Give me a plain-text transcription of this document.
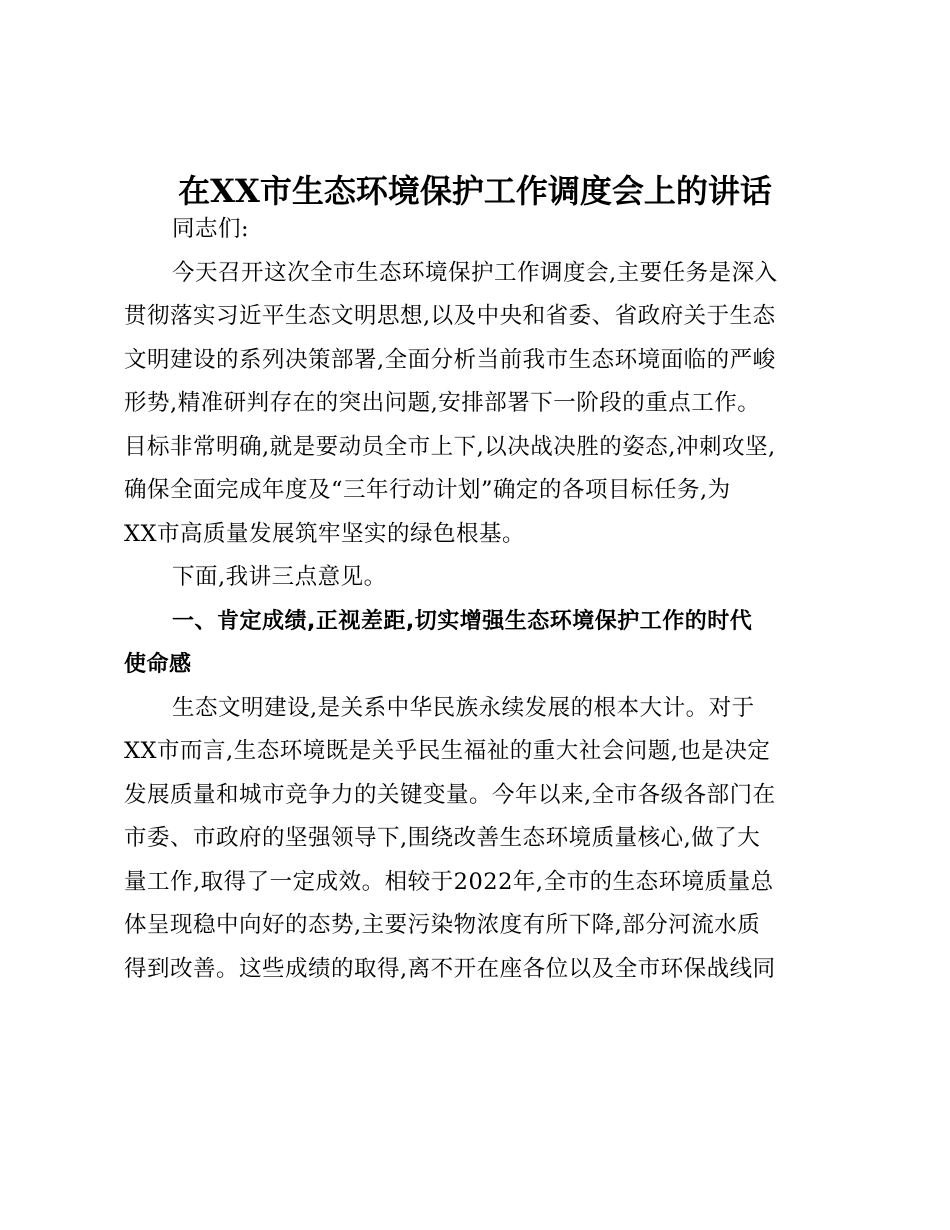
在XX市生态环境保护工作调度会上的讲话

同志们:

今天召开这次全市生态环境保护工作调度会,主要任务是深入
贯彻落实习近平生态文明思想,以及中央和省委、省政府关于生态
文明建设的系列决策部署,全面分析当前我市生态环境面临的严峻
形势,精准研判存在的突出问题,安排部署下一阶段的重点工作。
目标非常明确,就是要动员全市上下,以决战决胜的姿态,冲刺攻坚,
确保全面完成年度及“三年行动计划”确定的各项目标任务,为
XX市高质量发展筑牢坚实的绿色根基。

下面,我讲三点意见。

一、肯定成绩,正视差距,切实增强生态环境保护工作的时代
使命感

生态文明建设,是关系中华民族永续发展的根本大计。对于
XX市而言,生态环境既是关乎民生福祉的重大社会问题,也是决定
发展质量和城市竞争力的关键变量。今年以来,全市各级各部门在
市委、市政府的坚强领导下,围绕改善生态环境质量核心,做了大
量工作,取得了一定成效。相较于2022年,全市的生态环境质量总
体呈现稳中向好的态势,主要污染物浓度有所下降,部分河流水质
得到改善。这些成绩的取得,离不开在座各位以及全市环保战线同
